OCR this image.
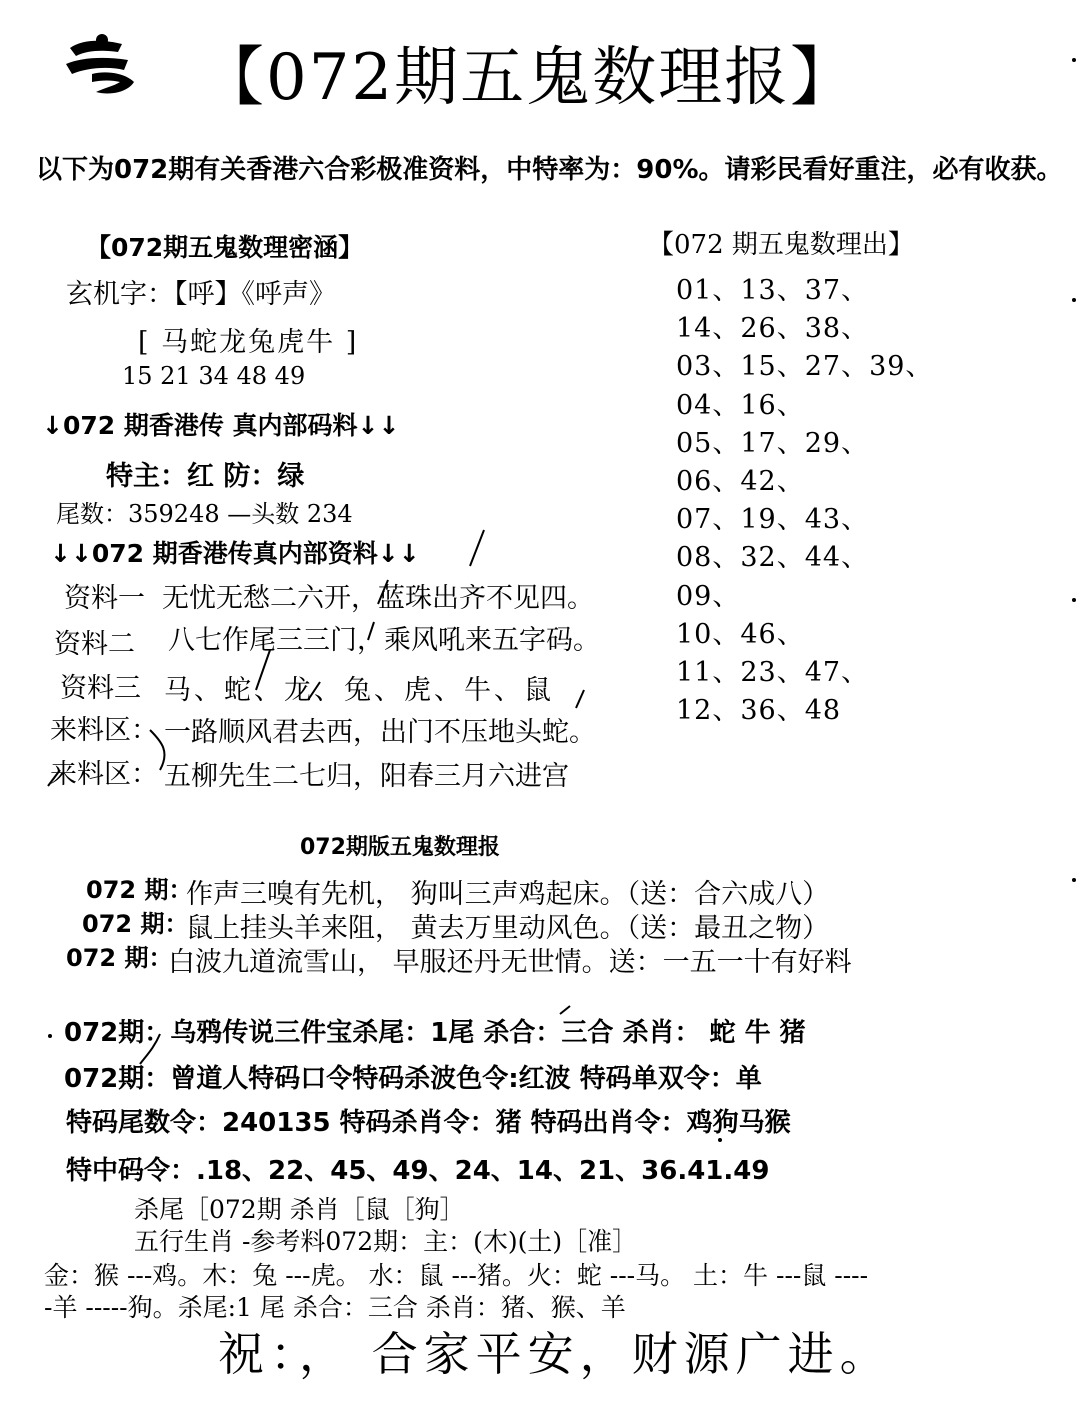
【072期五鬼数理报】
以下为072期有关香港六合彩极准资料，中特率为：90%。请彩民看好重注，必有收获。
【072期五鬼数理密涵】
玄机字：【呼】《呼声》
[ 马蛇龙兔虎牛 ]
15 21 34 48 49
↓072 期香港传 真内部码料↓↓
特主：红 防：绿
尾数：359248 —头数 234
↓↓072 期香港传真内部资料↓↓
资料一 无忧无愁二六开，蓝珠出齐不见四。
资料二 八七作尾三三门，乘风吼来五字码。
资料三 马、蛇、龙、兔、虎、牛、鼠
来料区： 一路顺风君去西，出门不压地头蛇。
来料区： 五柳先生二七归，阳春三月六进宫
【072 期五鬼数理出】
01、13、37、
14、26、38、
03、15、27、39、
04、16、
05、17、29、
06、42、
07、19、43、
08、32、44、
09、
10、46、
11、23、47、
12、36、48
072期版五鬼数理报
072 期：
作声三嗅有先机， 狗叫三声鸡起床。（送：合六成八）
072 期：
鼠上挂头羊来阻， 黄去万里动风色。（送：最丑之物）
072 期：
白波九道流雪山， 早服还丹无世情。送：一五一十有好料
072期：乌鸦传说三件宝杀尾：1尾 杀合：三合 杀肖： 蛇 牛 猪
072期：曾道人特码口令特码杀波色令:红波 特码单双令：单
特码尾数令：240135 特码杀肖令：猪 特码出肖令：鸡狗马猴
特中码令：.18、22、45、49、24、14、21、36.41.49
杀尾［072期 杀肖［鼠［狗］
五行生肖 -参考料072期：主：(木)(土)［准］
金：猴 ---鸡。木：兔 ---虎。 水：鼠 ---猪。火：蛇 ---马。 土：牛 ---鼠 ----
-羊 -----狗。杀尾:1 尾 杀合：三合 杀肖：猪、猴、羊
祝：， 合家平安，财源广进。
